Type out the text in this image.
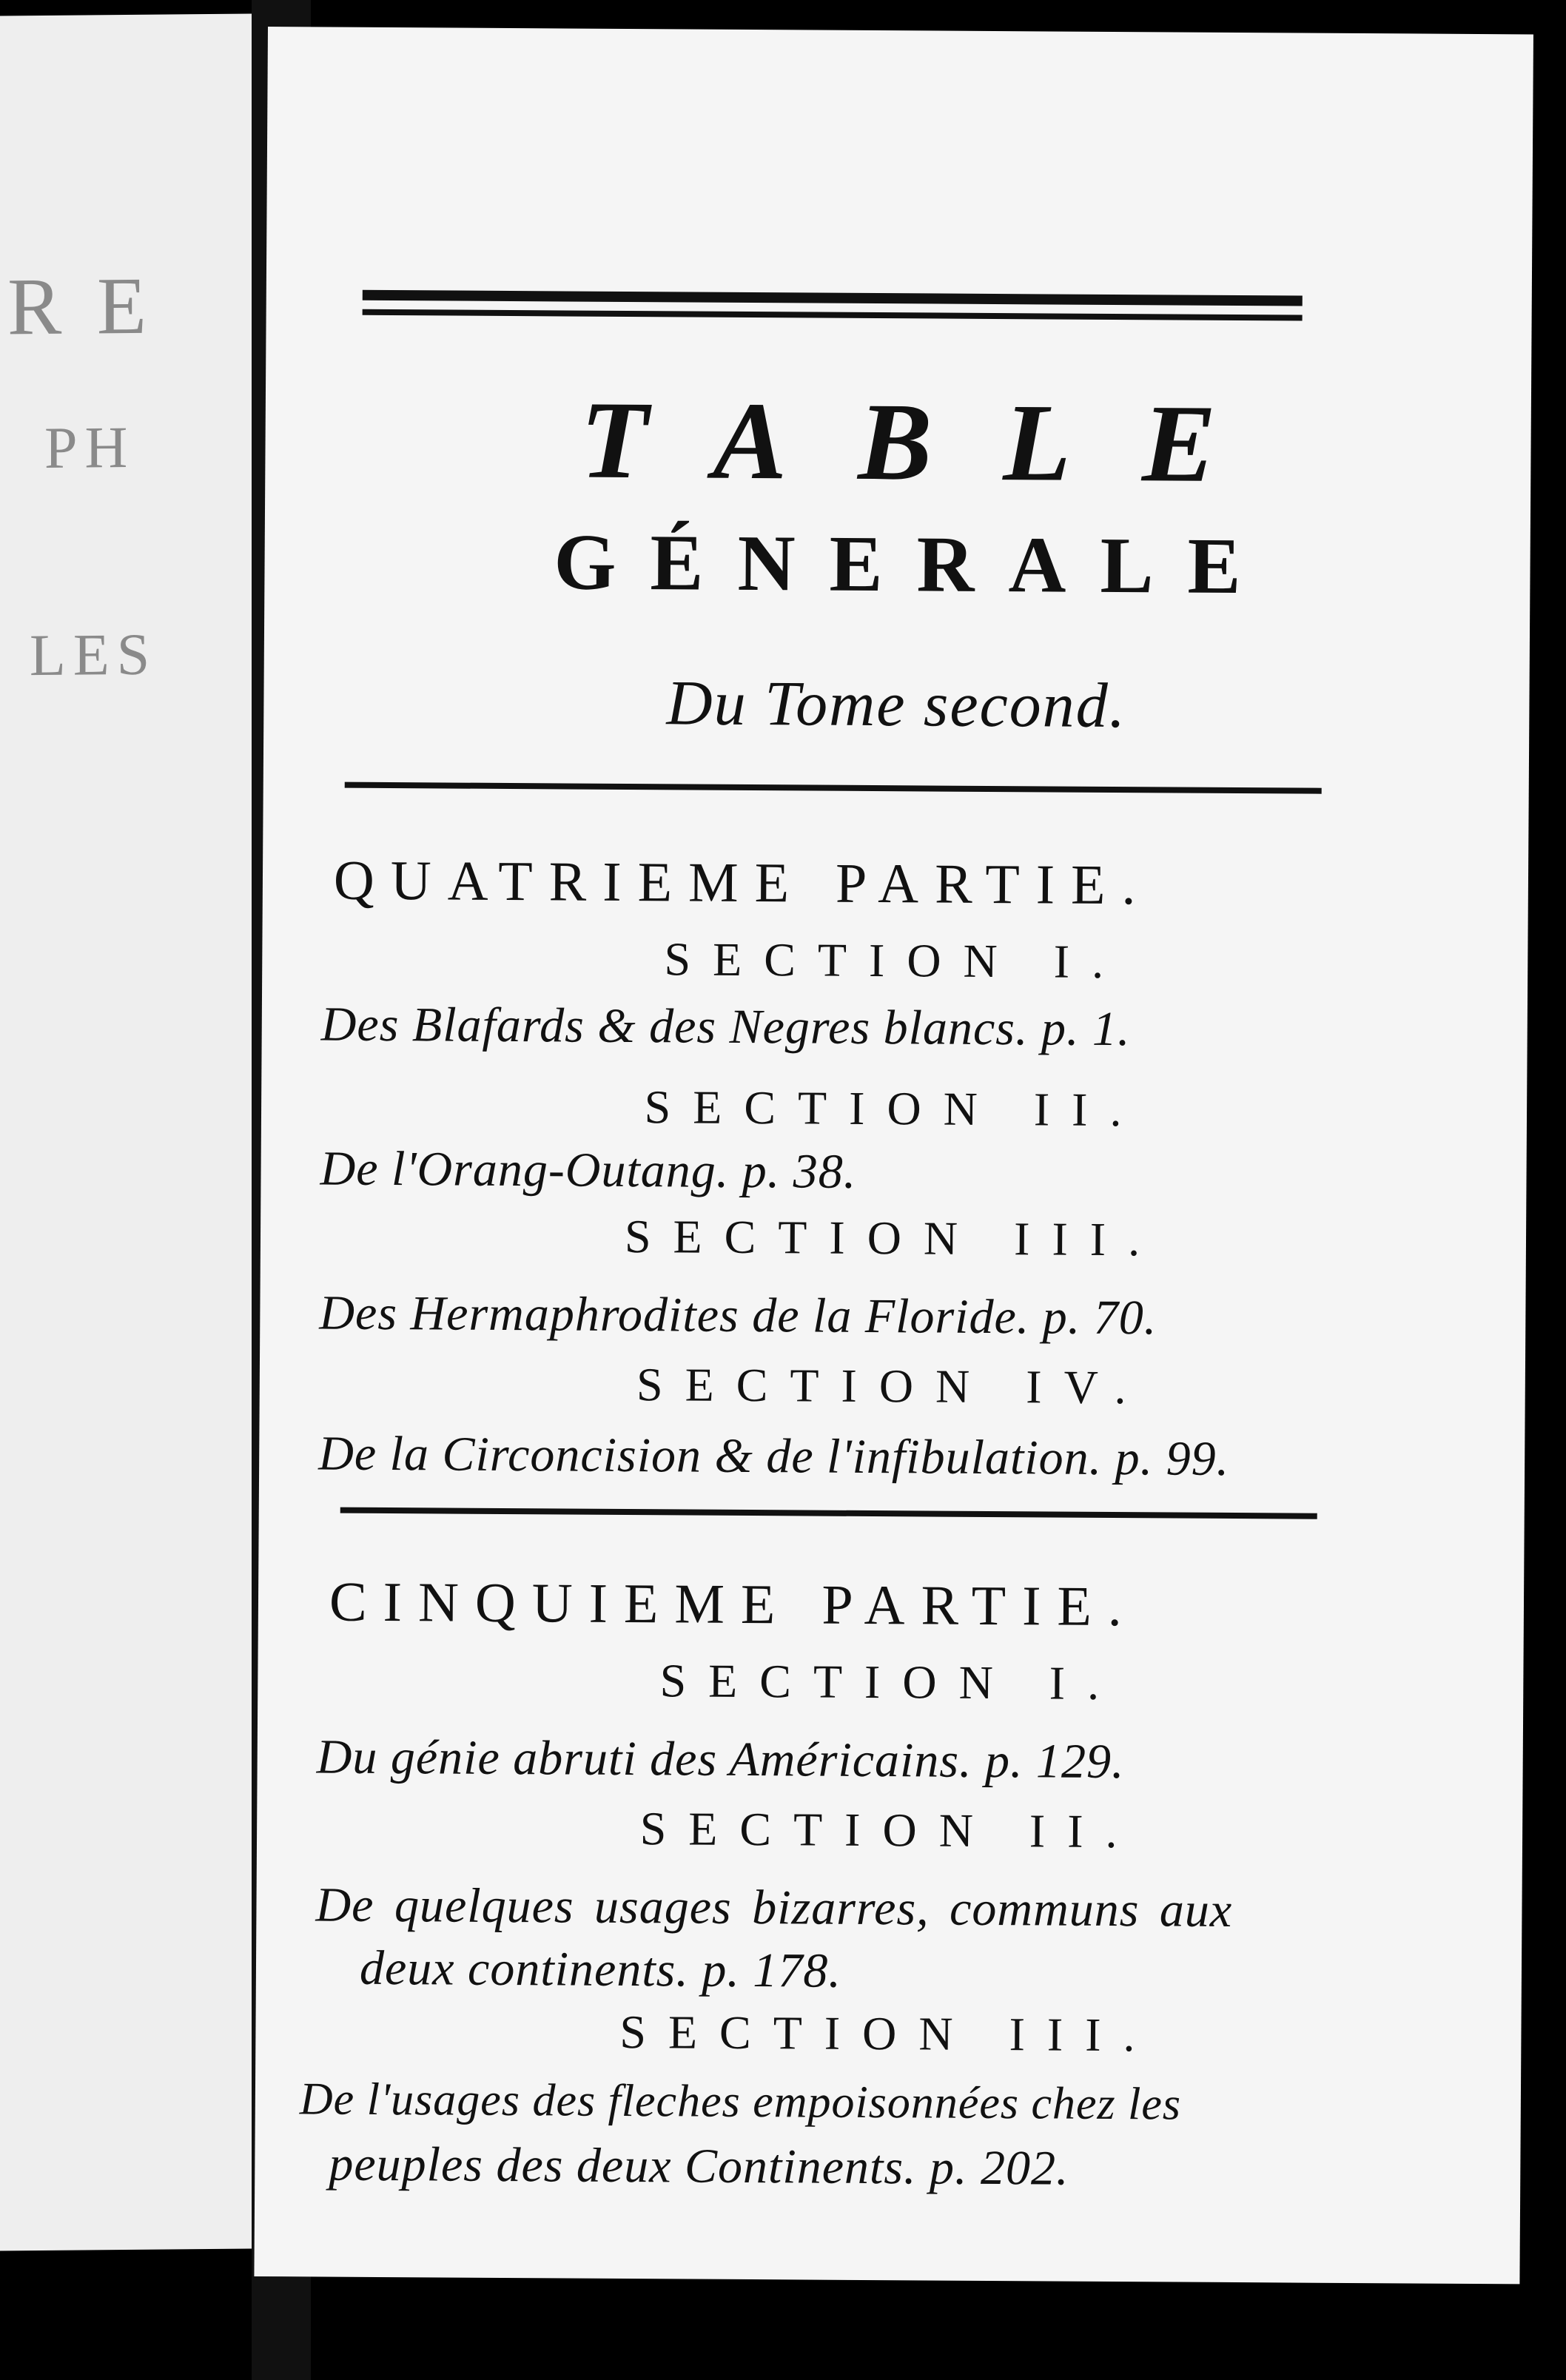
R E
PH
LES
TABLE
GÉNERALE
Du Tome second.
QUATRIEME PARTIE.
SECTION I.
Des Blafards & des Negres blancs. p. 1.
SECTION II.
De l'Orang-Outang. p. 38.
SECTION III.
Des Hermaphrodites de la Floride. p. 70.
SECTION IV.
De la Circoncision & de l'infibulation. p. 99.
CINQUIEME PARTIE.
SECTION I.
Du génie abruti des Américains. p. 129.
SECTION II.
De quelques usages bizarres, communs aux
deux continents. p. 178.
SECTION III.
De l'usages des fleches empoisonnées chez les
peuples des deux Continents. p. 202.
